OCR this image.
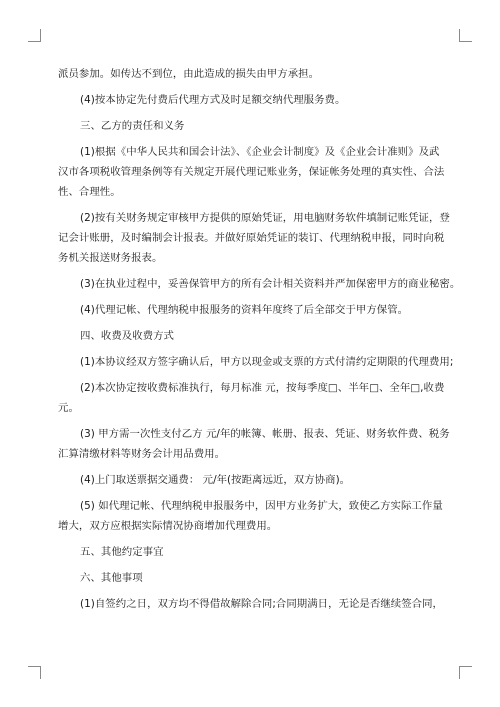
派员参加。如传达不到位，由此造成的损失由甲方承担。
(4)按本协定先付费后代理方式及时足额交纳代理服务费。
三、乙方的责任和义务
(1)根据《中华人民共和国会计法》、《企业会计制度》及《企业会计准则》及武
汉市各项税收管理条例等有关规定开展代理记账业务，保证帐务处理的真实性、合法
性、合理性。
(2)按有关财务规定审核甲方提供的原始凭证，用电脑财务软件填制记账凭证，登
记会计账册，及时编制会计报表。并做好原始凭证的装订、代理纳税申报，同时向税
务机关报送财务报表。
(3)在执业过程中，妥善保管甲方的所有会计相关资料并严加保密甲方的商业秘密。
(4)代理记帐、代理纳税申报服务的资料年度终了后全部交于甲方保管。
四、收费及收费方式
(1)本协议经双方签字确认后，甲方以现金或支票的方式付清约定期限的代理费用;
(2)本次协定按收费标准执行，每月标准 元，按每季度□、半年□、全年□,收费
元。
(3) 甲方需一次性支付乙方 元/年的帐簿、帐册、报表、凭证、财务软件费、税务
汇算清缴材料等财务会计用品费用。
(4)上门取送票据交通费： 元/年(按距离远近，双方协商)。
(5) 如代理记帐、代理纳税申报服务中，因甲方业务扩大，致使乙方实际工作量
增大，双方应根据实际情况协商增加代理费用。
五、其他约定事宜
六、其他事项
(1)自签约之日，双方均不得借故解除合同;合同期满日，无论是否继续签合同，
